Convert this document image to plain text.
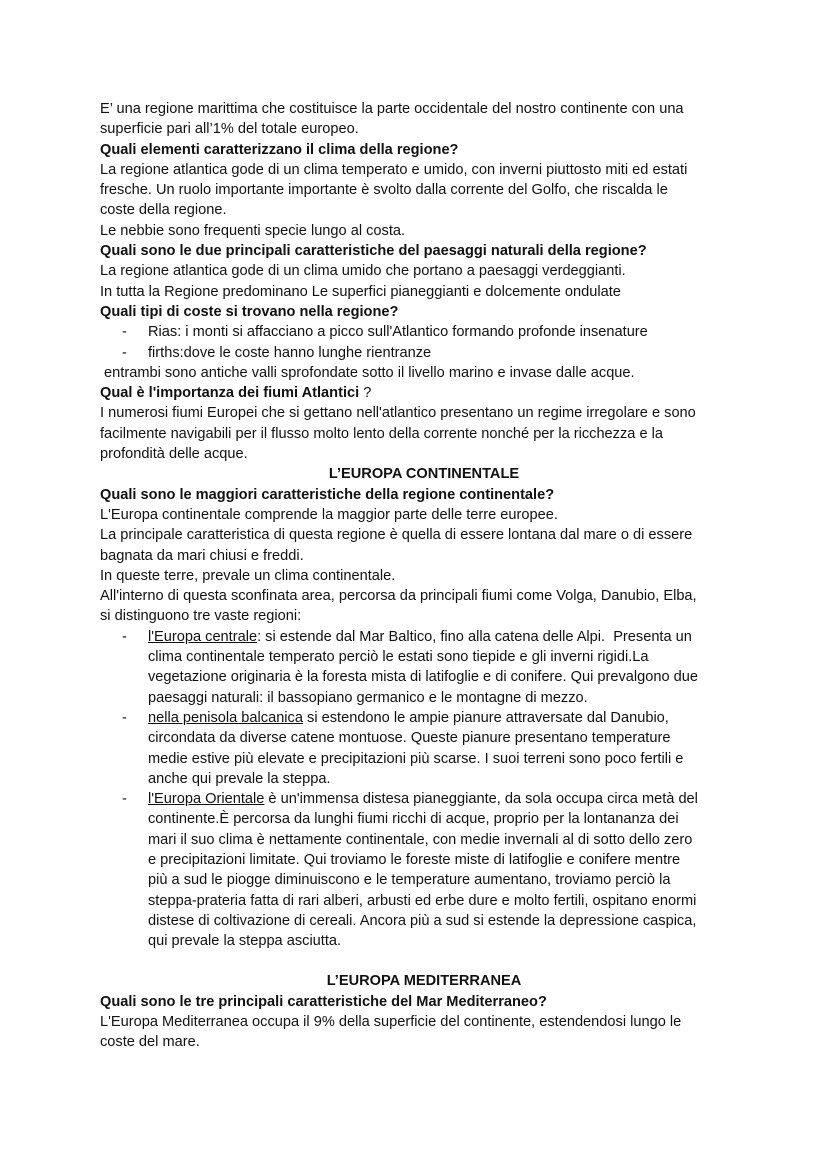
E’ una regione marittima che costituisce la parte occidentale del nostro continente con una
superficie pari all’1% del totale europeo.
Quali elementi caratterizzano il clima della regione?
La regione atlantica gode di un clima temperato e umido, con inverni piuttosto miti ed estati
fresche. Un ruolo importante importante è svolto dalla corrente del Golfo, che riscalda le
coste della regione.
Le nebbie sono frequenti specie lungo al costa.
Quali sono le due principali caratteristiche del paesaggi naturali della regione?
La regione atlantica gode di un clima umido che portano a paesaggi verdeggianti.
In tutta la Regione predominano Le superfici pianeggianti e dolcemente ondulate
Quali tipi di coste si trovano nella regione?
-	Rias: i monti si affacciano a picco sull'Atlantico formando profonde insenature
-	firths:dove le coste hanno lunghe rientranze
entrambi sono antiche valli sprofondate sotto il livello marino e invase dalle acque.
Qual è l'importanza dei fiumi Atlantici ?
I numerosi fiumi Europei che si gettano nell'atlantico presentano un regime irregolare e sono
facilmente navigabili per il flusso molto lento della corrente nonché per la ricchezza e la
profondità delle acque.
L’EUROPA CONTINENTALE
Quali sono le maggiori caratteristiche della regione continentale?
L'Europa continentale comprende la maggior parte delle terre europee.
La principale caratteristica di questa regione è quella di essere lontana dal mare o di essere
bagnata da mari chiusi e freddi.
In queste terre, prevale un clima continentale.
All'interno di questa sconfinata area, percorsa da principali fiumi come Volga, Danubio, Elba,
si distinguono tre vaste regioni:
-	l'Europa centrale: si estende dal Mar Baltico, fino alla catena delle Alpi.  Presenta un
clima continentale temperato perciò le estati sono tiepide e gli inverni rigidi.La
vegetazione originaria è la foresta mista di latifoglie e di conifere. Qui prevalgono due
paesaggi naturali: il bassopiano germanico e le montagne di mezzo.
-	nella penisola balcanica si estendono le ampie pianure attraversate dal Danubio,
circondata da diverse catene montuose. Queste pianure presentano temperature
medie estive più elevate e precipitazioni più scarse. I suoi terreni sono poco fertili e
anche qui prevale la steppa.
-	l'Europa Orientale è un'immensa distesa pianeggiante, da sola occupa circa metà del
continente.È percorsa da lunghi fiumi ricchi di acque, proprio per la lontananza dei
mari il suo clima è nettamente continentale, con medie invernali al di sotto dello zero
e precipitazioni limitate. Qui troviamo le foreste miste di latifoglie e conifere mentre
più a sud le piogge diminuiscono e le temperature aumentano, troviamo perciò la
steppa-prateria fatta di rari alberi, arbusti ed erbe dure e molto fertili, ospitano enormi
distese di coltivazione di cereali. Ancora più a sud si estende la depressione caspica,
qui prevale la steppa asciutta.
L’EUROPA MEDITERRANEA
Quali sono le tre principali caratteristiche del Mar Mediterraneo?
L'Europa Mediterranea occupa il 9% della superficie del continente, estendendosi lungo le
coste del mare.
